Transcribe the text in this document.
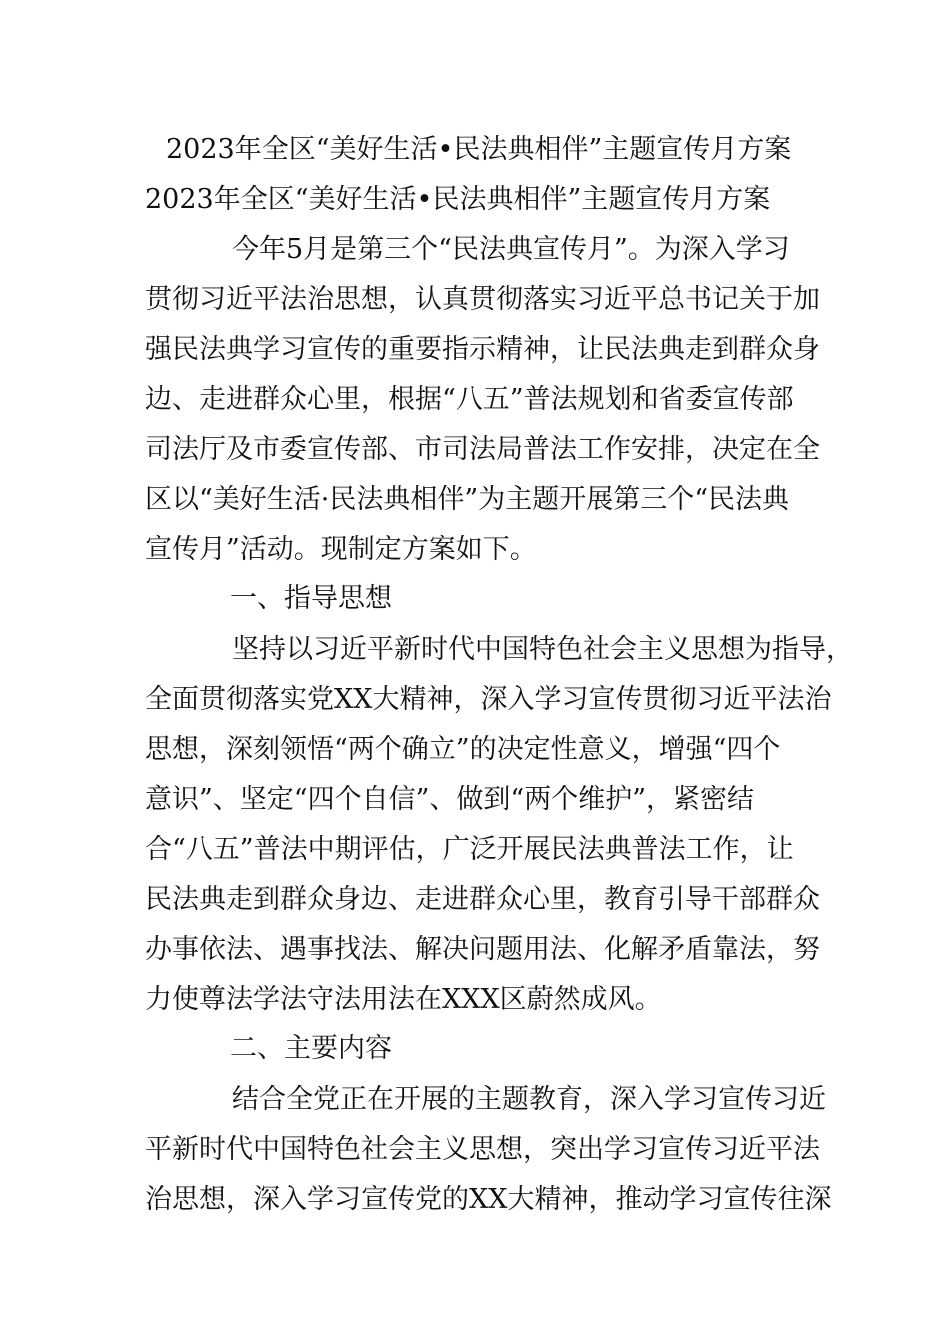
2023年全区“美好生活•民法典相伴”主题宣传月方案
2023年全区“美好生活•民法典相伴”主题宣传月方案
今年5月是第三个“民法典宣传月”。为深入学习
贯彻习近平法治思想，认真贯彻落实习近平总书记关于加
强民法典学习宣传的重要指示精神，让民法典走到群众身
边、走进群众心里，根据“八五”普法规划和省委宣传部
司法厅及市委宣传部、市司法局普法工作安排，决定在全
区以“美好生活·民法典相伴”为主题开展第三个“民法典
宣传月”活动。现制定方案如下。
一、指导思想
坚持以习近平新时代中国特色社会主义思想为指导，
全面贯彻落实党XX大精神，深入学习宣传贯彻习近平法治
思想，深刻领悟“两个确立”的决定性意义，增强“四个
意识”、坚定“四个自信”、做到“两个维护”，紧密结
合“八五”普法中期评估，广泛开展民法典普法工作，让
民法典走到群众身边、走进群众心里，教育引导干部群众
办事依法、遇事找法、解决问题用法、化解矛盾靠法，努
力使尊法学法守法用法在XXX区蔚然成风。
二、主要内容
结合全党正在开展的主题教育，深入学习宣传习近
平新时代中国特色社会主义思想，突出学习宣传习近平法
治思想，深入学习宣传党的XX大精神，推动学习宣传往深
